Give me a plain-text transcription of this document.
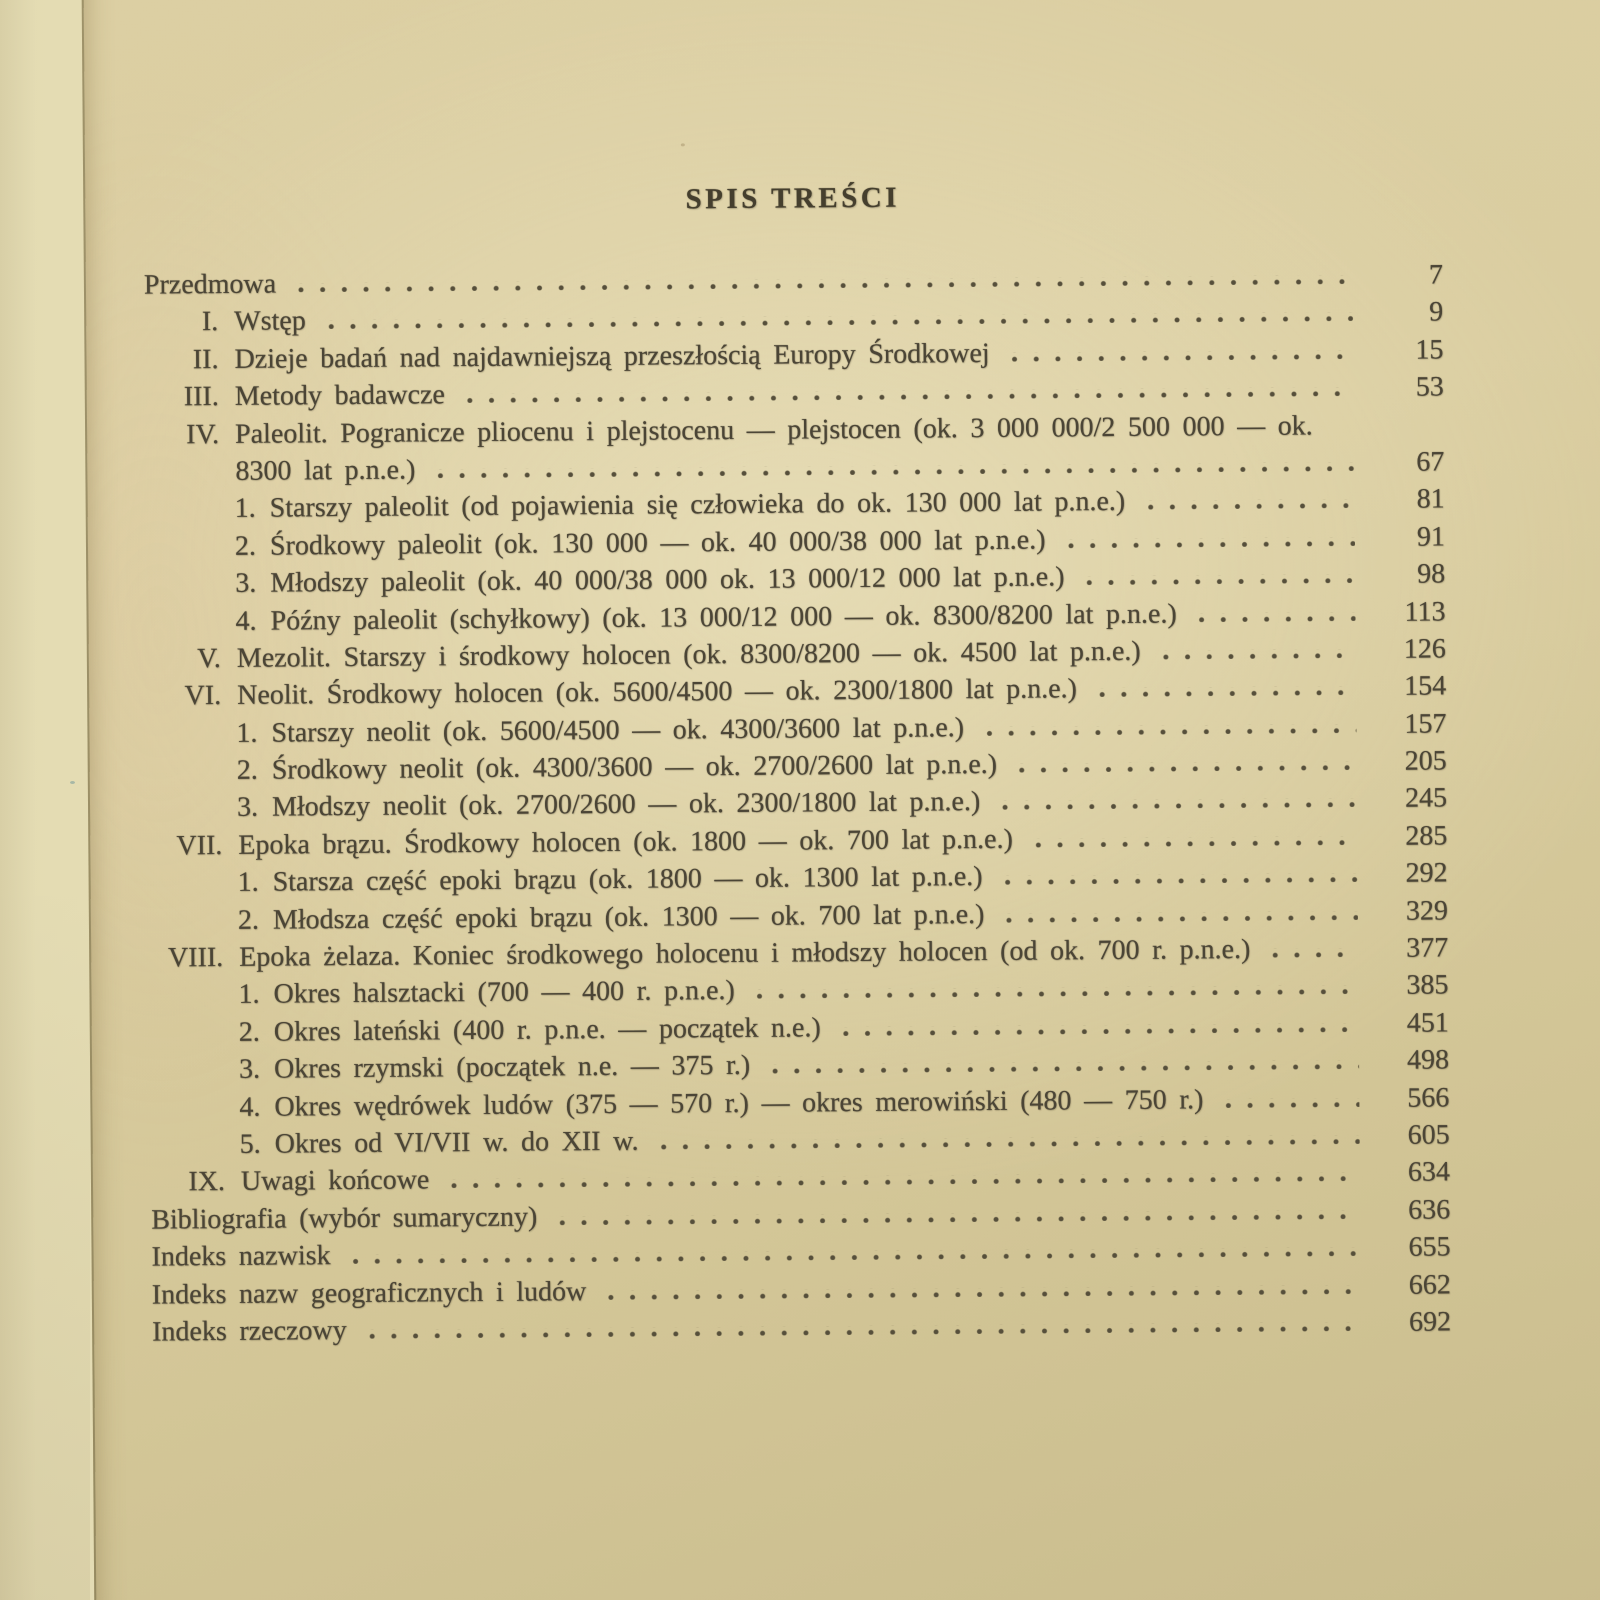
SPIS TREŚCI
Przedmowa	7
I. Wstęp	9
II. Dzieje badań nad najdawniejszą przeszłością Europy Środkowej	15
III. Metody badawcze	53
IV. Paleolit. Pogranicze pliocenu i plejstocenu — plejstocen (ok. 3 000 000/2 500 000 — ok.
8300 lat p.n.e.)	67
1. Starszy paleolit (od pojawienia się człowieka do ok. 130 000 lat p.n.e.)	81
2. Środkowy paleolit (ok. 130 000 — ok. 40 000/38 000 lat p.n.e.)	91
3. Młodszy paleolit (ok. 40 000/38 000 ok. 13 000/12 000 lat p.n.e.)	98
4. Późny paleolit (schyłkowy) (ok. 13 000/12 000 — ok. 8300/8200 lat p.n.e.)	113
V. Mezolit. Starszy i środkowy holocen (ok. 8300/8200 — ok. 4500 lat p.n.e.)	126
VI. Neolit. Środkowy holocen (ok. 5600/4500 — ok. 2300/1800 lat p.n.e.)	154
1. Starszy neolit (ok. 5600/4500 — ok. 4300/3600 lat p.n.e.)	157
2. Środkowy neolit (ok. 4300/3600 — ok. 2700/2600 lat p.n.e.)	205
3. Młodszy neolit (ok. 2700/2600 — ok. 2300/1800 lat p.n.e.)	245
VII. Epoka brązu. Środkowy holocen (ok. 1800 — ok. 700 lat p.n.e.)	285
1. Starsza część epoki brązu (ok. 1800 — ok. 1300 lat p.n.e.)	292
2. Młodsza część epoki brązu (ok. 1300 — ok. 700 lat p.n.e.)	329
VIII. Epoka żelaza. Koniec środkowego holocenu i młodszy holocen (od ok. 700 r. p.n.e.)	377
1. Okres halsztacki (700 — 400 r. p.n.e.)	385
2. Okres lateński (400 r. p.n.e. — początek n.e.)	451
3. Okres rzymski (początek n.e. — 375 r.)	498
4. Okres wędrówek ludów (375 — 570 r.) — okres merowiński (480 — 750 r.)	566
5. Okres od VI/VII w. do XII w.	605
IX. Uwagi końcowe	634
Bibliografia (wybór sumaryczny)	636
Indeks nazwisk	655
Indeks nazw geograficznych i ludów	662
Indeks rzeczowy	692
